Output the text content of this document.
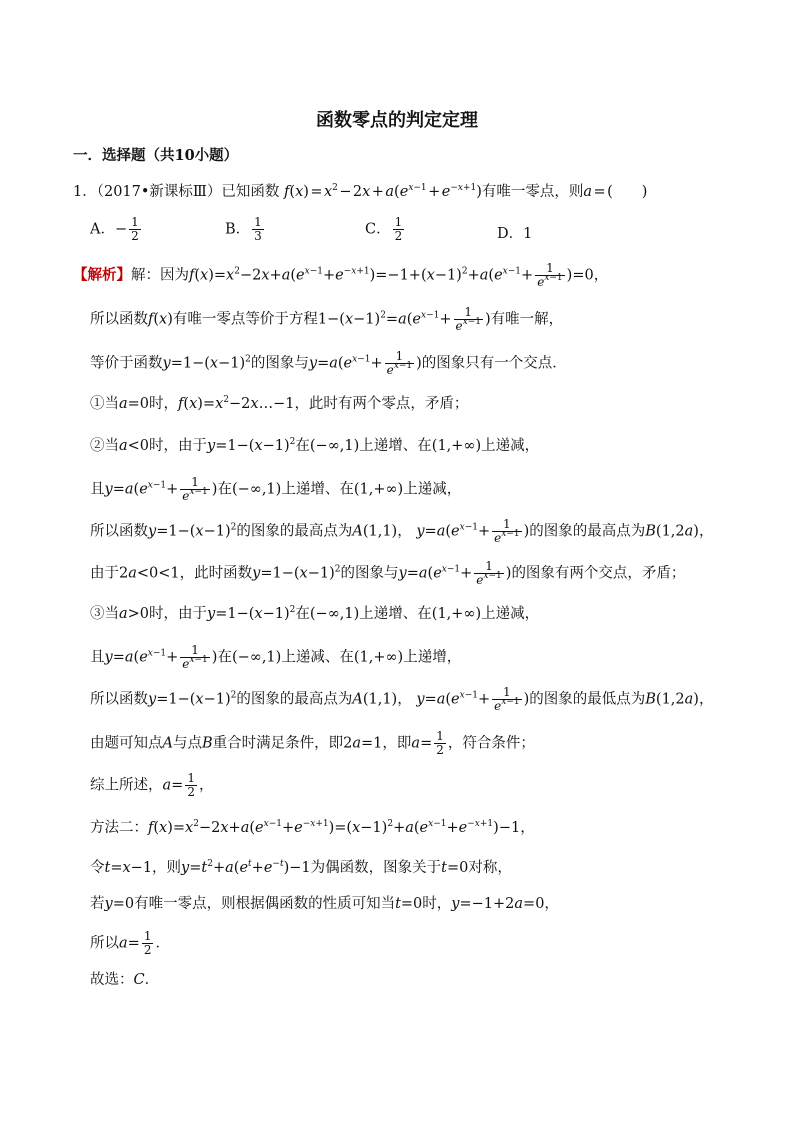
函数零点的判定定理
一．选择题（共10小题）
1．（2017•新课标Ⅲ）已知函数 f(x) = $x^2$ − 2x + $a(e^{x-1}$ + $e^{-x+1}$)有唯一零点，则a = (　　)
A．− $\frac{1}{2}$	B． $\frac{1}{3}$	C． $\frac{1}{2}$	D．1
【解析】解：因为$f(x)=x^2-2x+a(e^{x-1}+e^{-x+1})=-1+(x-1)^2+a(e^{x-1}+ \frac{1}{e^{x-1}} )=0$，
所以函数f(x)有唯一零点等价于方程$1-(x-1)^2=a(e^{x-1}+ \frac{1}{e^{x-1}}$ )有唯一解，
等价于函数$y=1-(x-1)^2$的图象与$y=a(e^{x-1}+ \frac{1}{e^{x-1}}$ )的图象只有一个交点．
①当a=0时，$f(x)=x^2-2x\dots-1$，此时有两个零点，矛盾；
②当a<0时，由于$y=1-(x-1)^2$在(−∞,1)上递增、在(1,+∞)上递减，
且$y=a(e^{x-1}+ \frac{1}{e^{x-1}}$ )在(−∞,1)上递增、在(1,+∞)上递减，
所以函数$y=1-(x-1)^2$的图象的最高点为A(1,1)， $y=a(e^{x-1}+ \frac{1}{e^{x-1}}$ )的图象的最高点为B(1,2a)，
由于2a<0<1，此时函数$y=1-(x-1)^2$的图象与$y=a(e^{x-1}+ \frac{1}{e^{x-1}}$ )的图象有两个交点，矛盾；
③当a>0时，由于$y=1-(x-1)^2$在(−∞,1)上递增、在(1,+∞)上递减，
且$y=a(e^{x-1}+ \frac{1}{e^{x-1}}$ )在(−∞,1)上递减、在(1,+∞)上递增，
所以函数$y=1-(x-1)^2$的图象的最高点为A(1,1)， $y=a(e^{x-1}+ \frac{1}{e^{x-1}}$ )的图象的最低点为B(1,2a)，
由题可知点A与点B重合时满足条件，即2a=1，即$a= \frac{1}{2}$ ，符合条件；
综上所述，$a= \frac{1}{2}$ ，
方法二：$f(x)=x^2-2x+a(e^{x-1}+e^{-x+1})=(x-1)^2+a(e^{x-1}+e^{-x+1})-1$，
令t=x−1，则$y=t^2+a(e^t+e^{-t})-1$为偶函数，图象关于t=0对称，
若y=0有唯一零点，则根据偶函数的性质可知当t=0时，y=−1+2a=0，
所以$a= \frac{1}{2}$ ．
故选：C．
